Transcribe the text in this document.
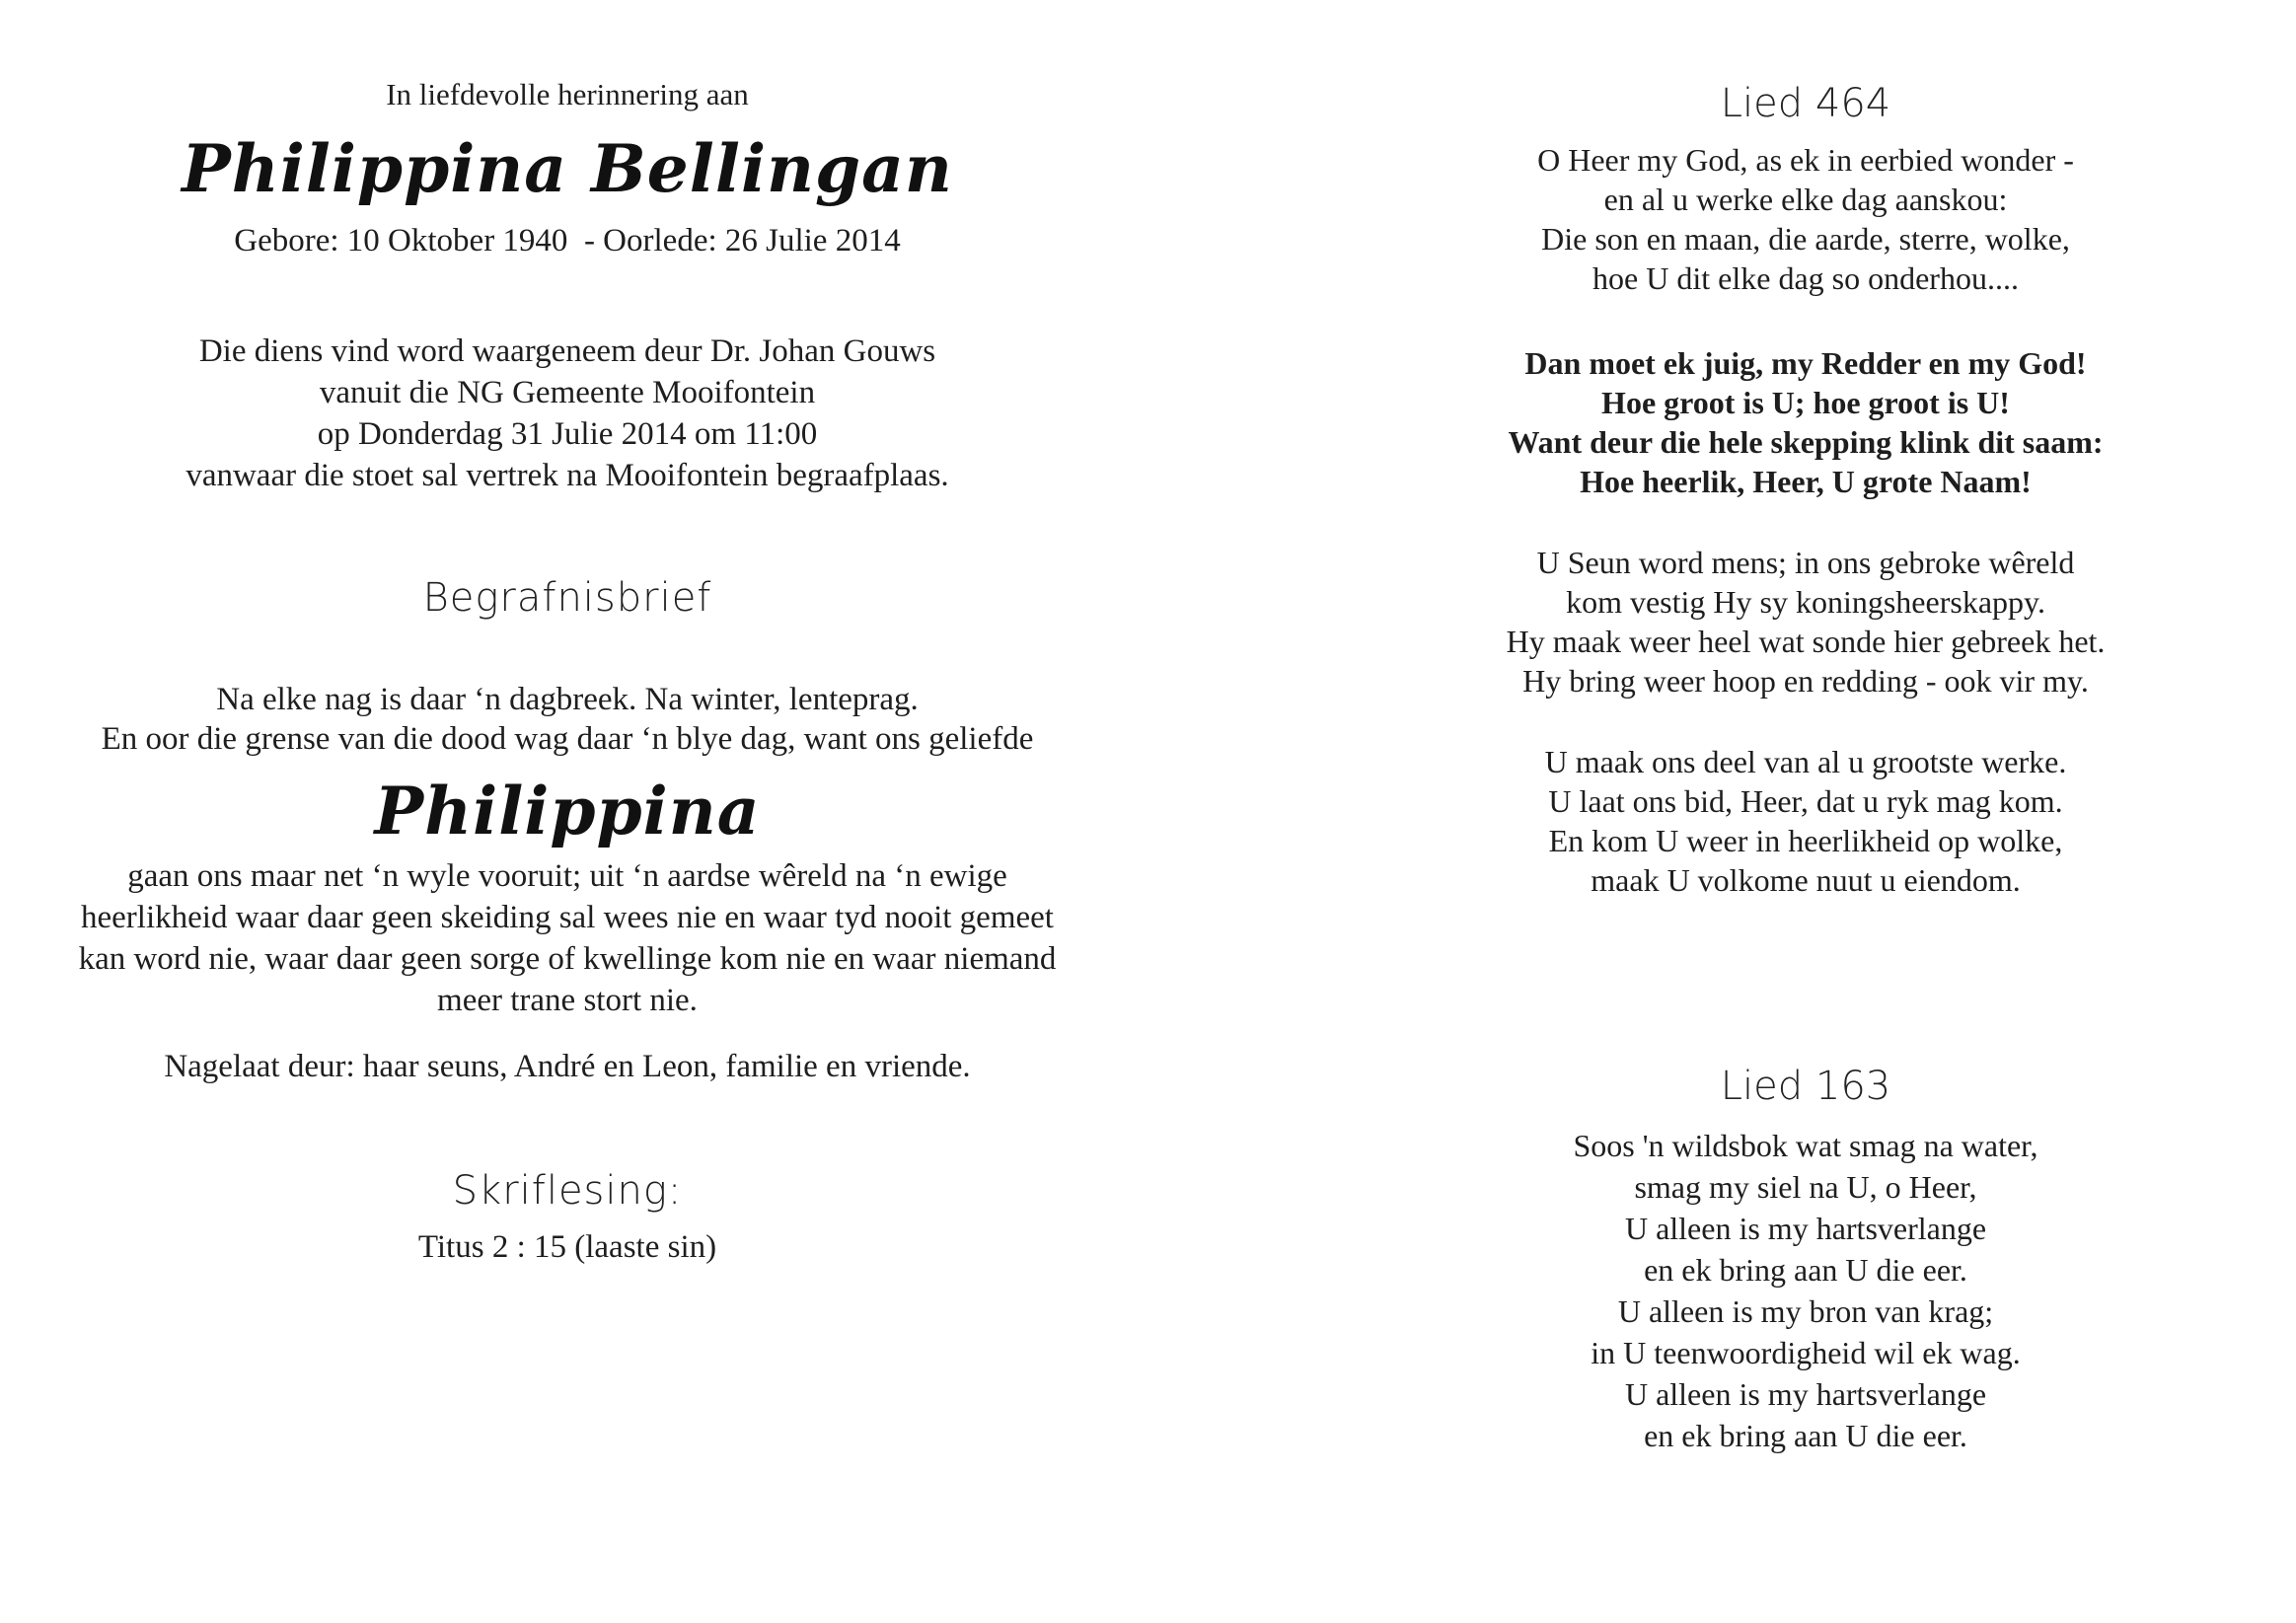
In liefdevolle herinnering aan
Philippina Bellingan
Gebore: 10 Oktober 1940 - Oorlede: 26 Julie 2014
Die diens vind word waargeneem deur Dr. Johan Gouws
vanuit die NG Gemeente Mooifontein
op Donderdag 31 Julie 2014 om 11:00
vanwaar die stoet sal vertrek na Mooifontein begraafplaas.
Begrafnisbrief
Na elke nag is daar ‘n dagbreek. Na winter, lenteprag.
En oor die grense van die dood wag daar ‘n blye dag, want ons geliefde
Philippina
gaan ons maar net ‘n wyle vooruit; uit ‘n aardse wêreld na ‘n ewige
heerlikheid waar daar geen skeiding sal wees nie en waar tyd nooit gemeet
kan word nie, waar daar geen sorge of kwellinge kom nie en waar niemand
meer trane stort nie.
Nagelaat deur: haar seuns, André en Leon, familie en vriende.
Skriflesing:
Titus 2 : 15 (laaste sin)
Lied 464
O Heer my God, as ek in eerbied wonder -
en al u werke elke dag aanskou:
Die son en maan, die aarde, sterre, wolke,
hoe U dit elke dag so onderhou....
Dan moet ek juig, my Redder en my God!
Hoe groot is U; hoe groot is U!
Want deur die hele skepping klink dit saam:
Hoe heerlik, Heer, U grote Naam!
U Seun word mens; in ons gebroke wêreld
kom vestig Hy sy koningsheerskappy.
Hy maak weer heel wat sonde hier gebreek het.
Hy bring weer hoop en redding - ook vir my.
U maak ons deel van al u grootste werke.
U laat ons bid, Heer, dat u ryk mag kom.
En kom U weer in heerlikheid op wolke,
maak U volkome nuut u eiendom.
Lied 163
Soos 'n wildsbok wat smag na water,
smag my siel na U, o Heer,
U alleen is my hartsverlange
en ek bring aan U die eer.
U alleen is my bron van krag;
in U teenwoordigheid wil ek wag.
U alleen is my hartsverlange
en ek bring aan U die eer.
